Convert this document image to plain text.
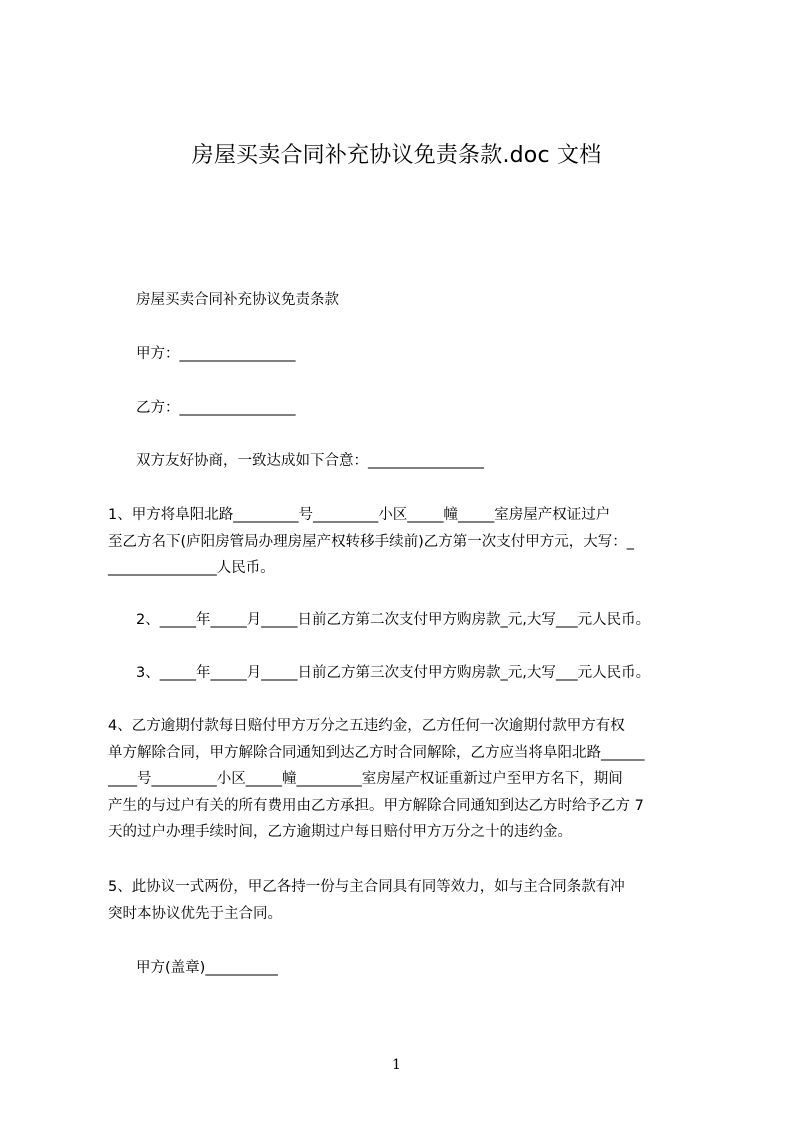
房屋买卖合同补充协议免责条款.doc 文档
房屋买卖合同补充协议免责条款
甲方：________________
乙方：________________
双方友好协商，一致达成如下合意：________________
1、甲方将阜阳北路_________号_________小区_____幢_____室房屋产权证过户
至乙方名下(庐阳房管局办理房屋产权转移手续前)乙方第一次支付甲方元，大写：_
_______________人民币。
2、_____年_____月_____日前乙方第二次支付甲方购房款_元,大写___元人民币。
3、_____年_____月_____日前乙方第三次支付甲方购房款_元,大写___元人民币。
4、乙方逾期付款每日赔付甲方万分之五违约金，乙方任何一次逾期付款甲方有权
单方解除合同，甲方解除合同通知到达乙方时合同解除，乙方应当将阜阳北路______
____号_________小区_____幢_________室房屋产权证重新过户至甲方名下，期间
产生的与过户有关的所有费用由乙方承担。甲方解除合同通知到达乙方时给予乙方 7
天的过户办理手续时间，乙方逾期过户每日赔付甲方万分之十的违约金。
5、此协议一式两份，甲乙各持一份与主合同具有同等效力，如与主合同条款有冲
突时本协议优先于主合同。
甲方(盖章)__________
1
